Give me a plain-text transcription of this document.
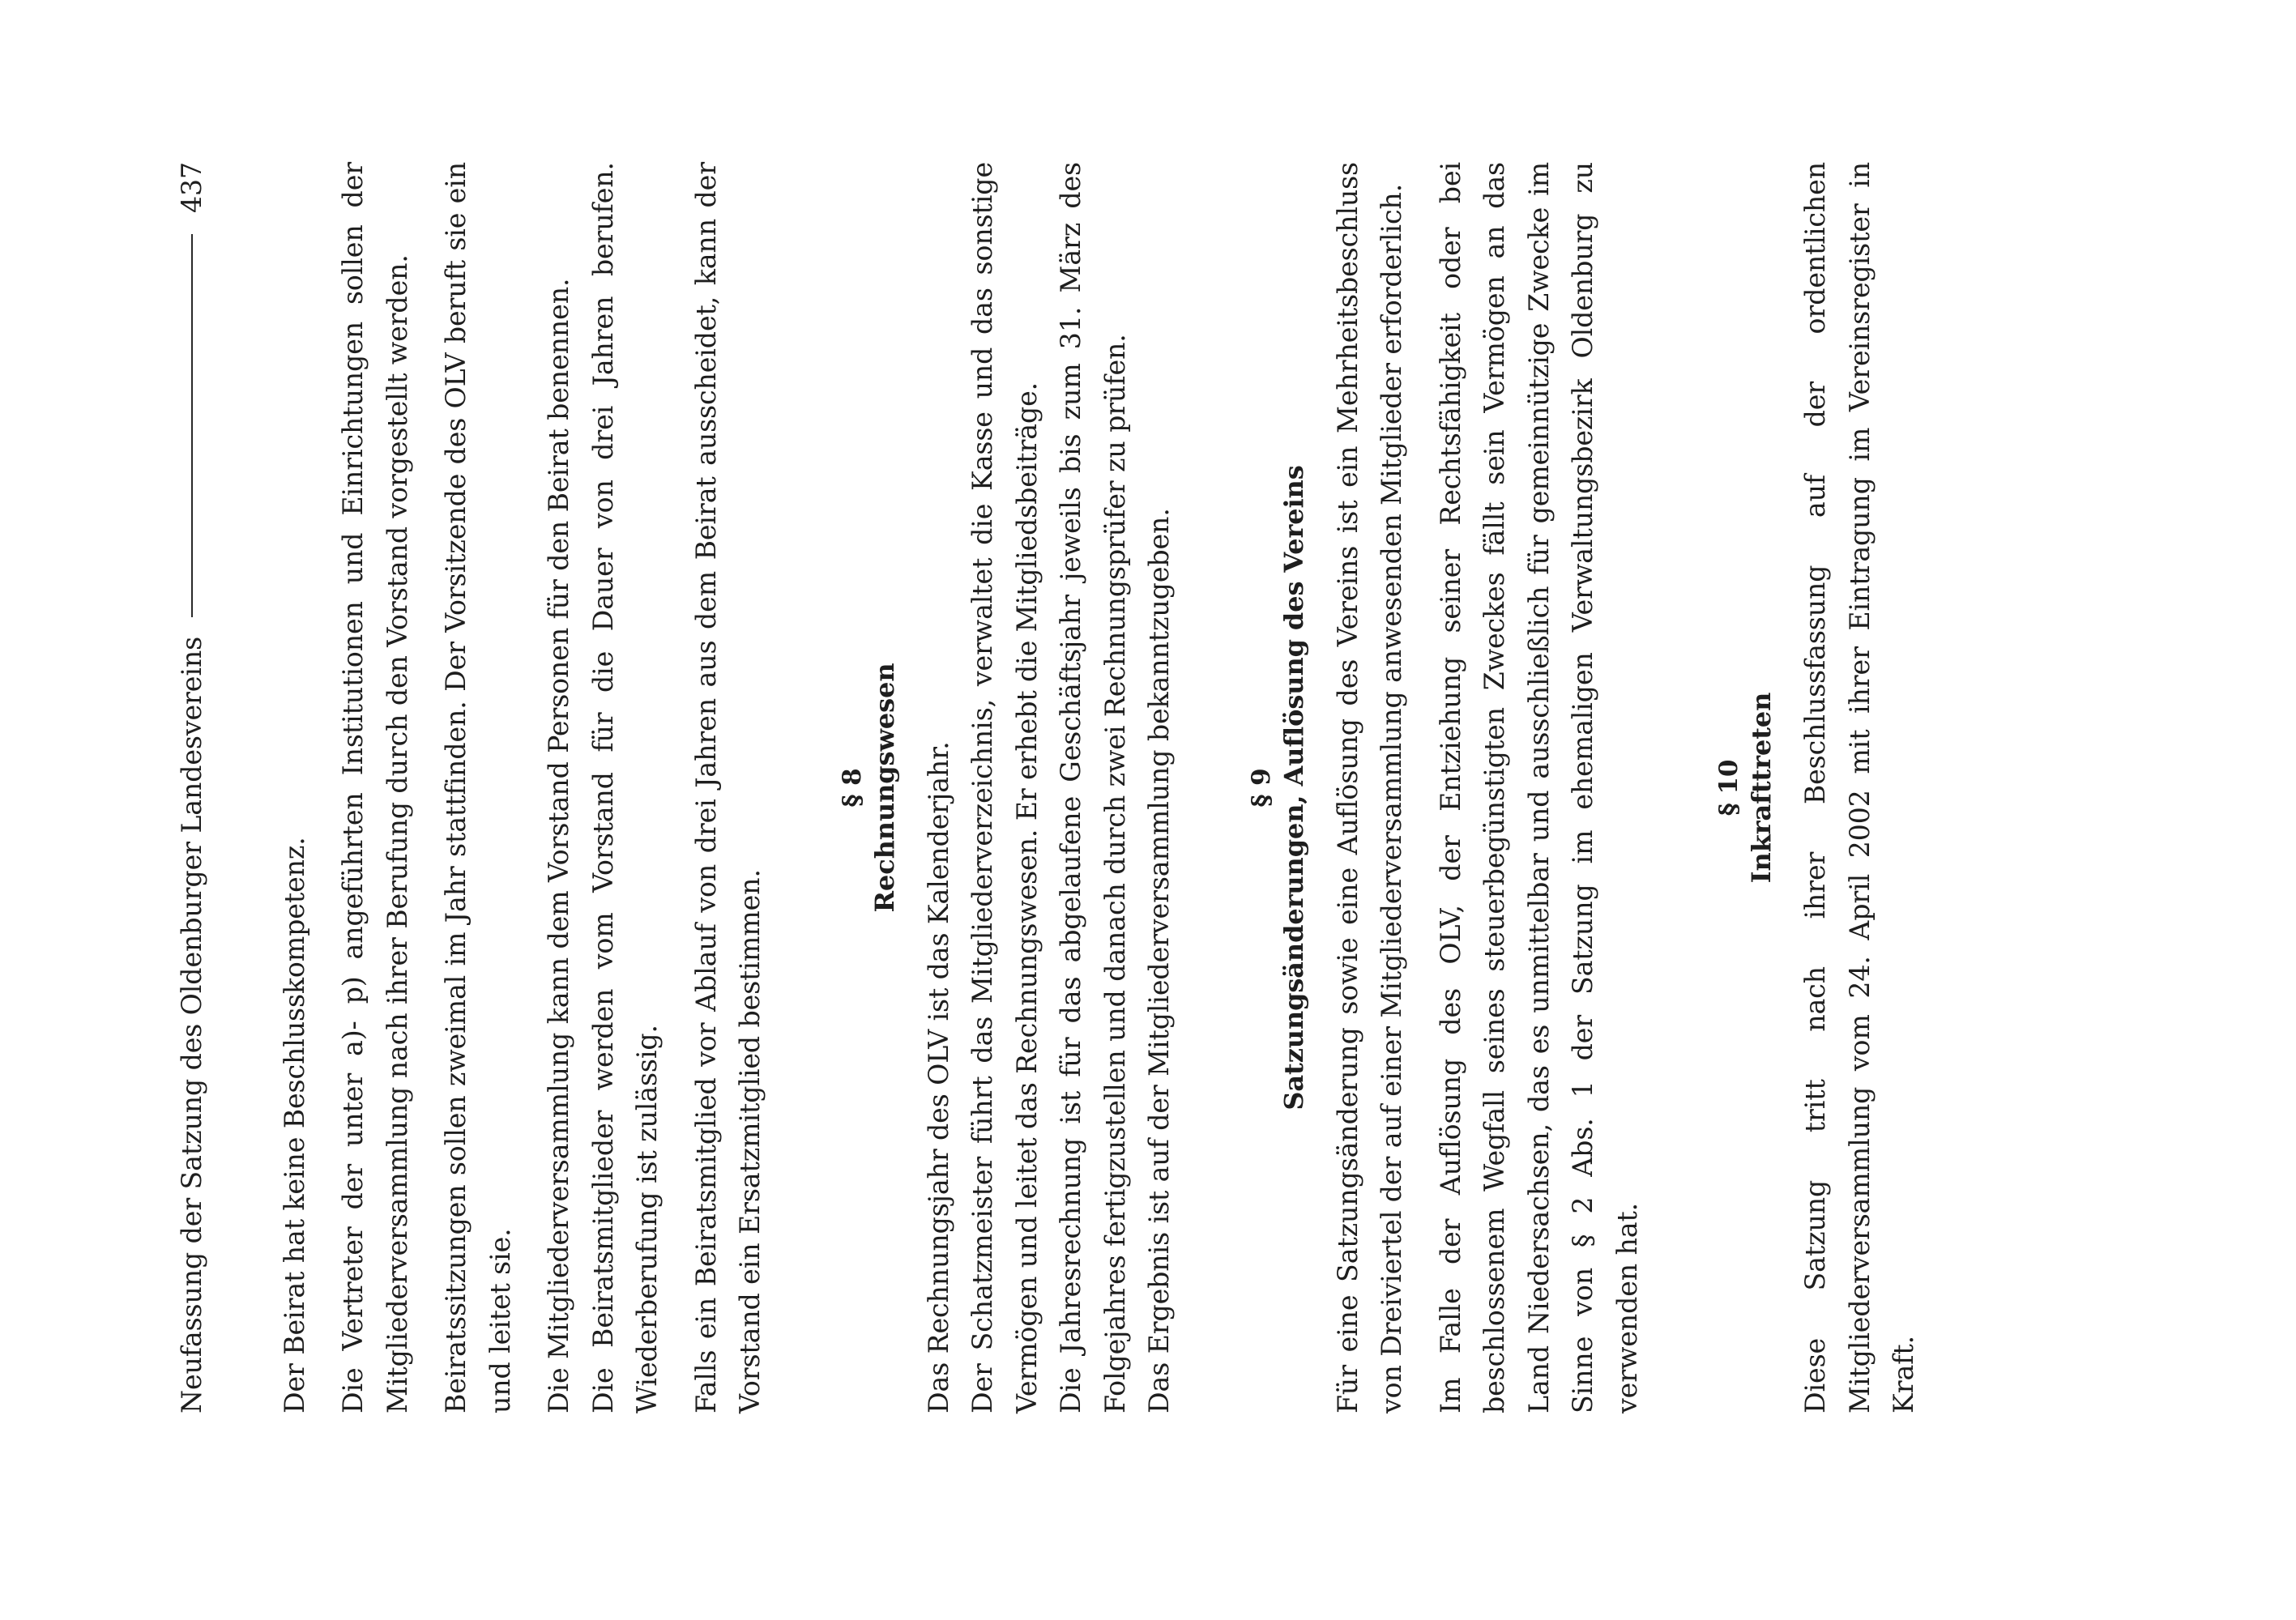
Neufassung der Satzung des Oldenburger Landesvereins
437

Der Beirat hat keine Beschlusskompetenz. Die Vertreter der unter a)- p) angeführten Institutionen und Einrichtungen sollen der Mitgliederversammlung nach ihrer Berufung durch den Vorstand vorgestellt werden. Beiratssitzungen sollen zweimal im Jahr stattfinden. Der Vorsitzende des OLV beruft sie ein und leitet sie. Die Mitgliederversammlung kann dem Vorstand Personen für den Beirat benennen. Die Beiratsmitglieder werden vom Vorstand für die Dauer von drei Jahren berufen. Wiederberufung ist zulässig. Falls ein Beiratsmitglied vor Ablauf von drei Jahren aus dem Beirat ausscheidet, kann der Vorstand ein Ersatzmitglied bestimmen.

§ 8 Rechnungswesen Das Rechnungsjahr des OLV ist das Kalenderjahr. Der Schatzmeister führt das Mitgliederverzeichnis, verwaltet die Kasse und das sonstige Vermögen und leitet das Rechnungswesen. Er erhebt die Mitgliedsbeiträge. Die Jahresrechnung ist für das abgelaufene Geschäftsjahr jeweils bis zum 31. März des Folgejahres fertigzustellen und danach durch zwei Rechnungsprüfer zu prüfen. Das Ergebnis ist auf der Mitgliederversammlung bekanntzugeben.	§ 9 Satzungsänderungen, Auflösung des Vereins Für eine Satzungsänderung sowie eine Auflösung des Vereins ist ein Mehrheitsbeschluss von Dreiviertel der auf einer Mitgliederversammlung anwesenden Mitglieder erforderlich. Im Falle der Auflösung des OLV, der Entziehung seiner Rechtsfähigkeit oder bei beschlossenem Wegfall seines steuerbegünstigten Zweckes fällt sein Vermögen an das Land Niedersachsen, das es unmittelbar und ausschließlich für gemeinnützige Zwecke im Sinne von § 2 Abs. 1 der Satzung im ehemaligen Verwaltungsbezirk Oldenburg zu verwenden hat.

§ 10 Inkrafttreten Diese Satzung tritt nach ihrer Beschlussfassung auf der ordentlichen Mitgliederversammlung vom 24. April 2002 mit ihrer Eintragung im Vereinsregister in Kraft.
